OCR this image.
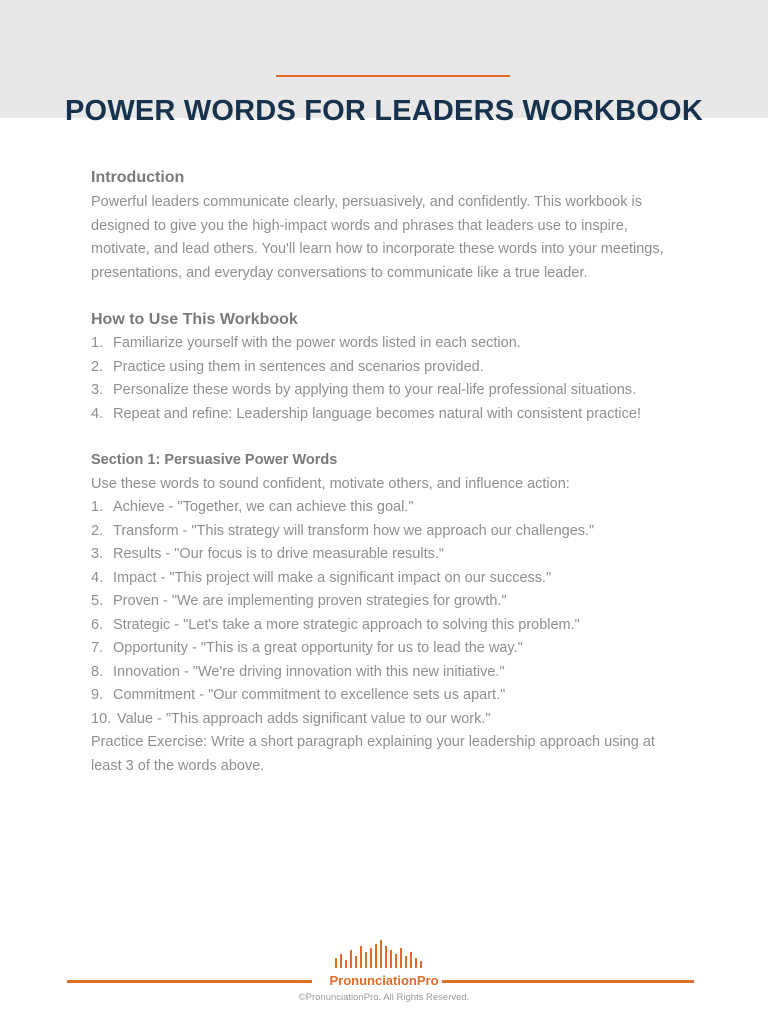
POWER WORDS FOR LEADERS WORKBOOK
Introduction
Powerful leaders communicate clearly, persuasively, and confidently. This workbook is
designed to give you the high-impact words and phrases that leaders use to inspire,
motivate, and lead others. You'll learn how to incorporate these words into your meetings,
presentations, and everyday conversations to communicate like a true leader.
How to Use This Workbook
1. Familiarize yourself with the power words listed in each section.
2. Practice using them in sentences and scenarios provided.
3. Personalize these words by applying them to your real-life professional situations.
4. Repeat and refine: Leadership language becomes natural with consistent practice!
Section 1: Persuasive Power Words

Use these words to sound confident, motivate others, and influence action:

1. Achieve - "Together, we can achieve this goal."
2. Transform - "This strategy will transform how we approach our challenges."
3. Results - "Our focus is to drive measurable results."
4. Impact - "This project will make a significant impact on our success."
5. Proven - "We are implementing proven strategies for growth."
6. Strategic - "Let's take a more strategic approach to solving this problem."
7. Opportunity - "This is a great opportunity for us to lead the way."
8. Innovation - "We're driving innovation with this new initiative."
9. Commitment - "Our commitment to excellence sets us apart."
10. Value - "This approach adds significant value to our work."
Practice Exercise: Write a short paragraph explaining your leadership approach using at
least 3 of the words above.
PronunciationPro
©PronunciationPro. All Rights Reserved.
